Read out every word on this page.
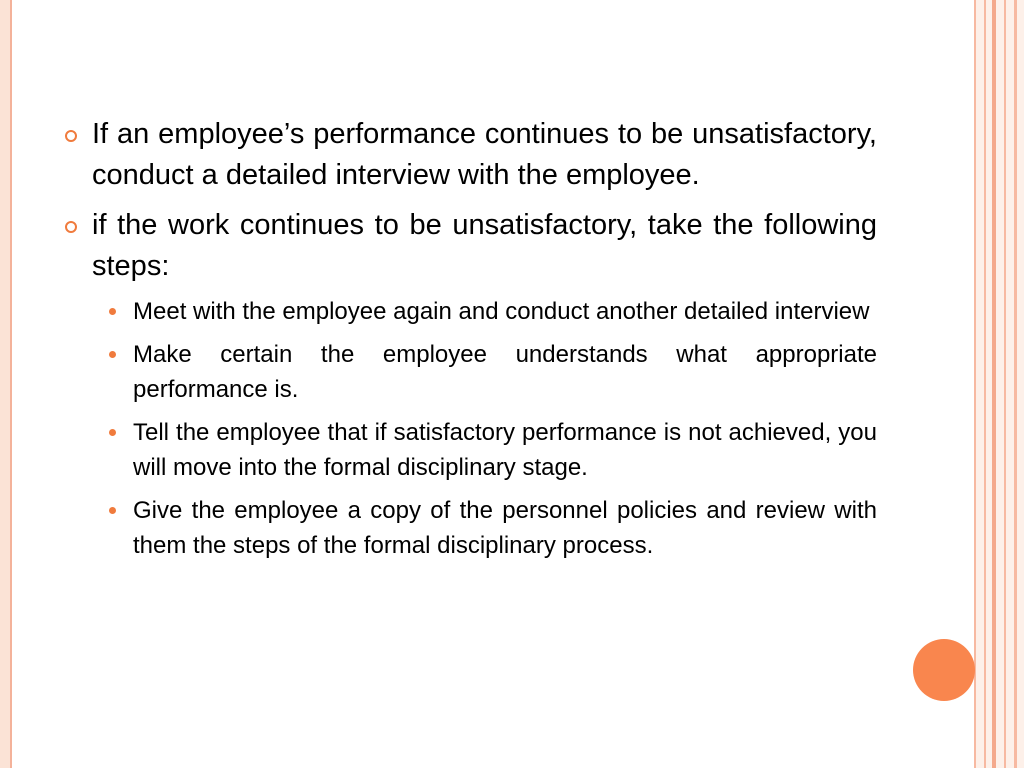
If an employee’s performance continues to be unsatisfactory, conduct a detailed interview with the employee.
if the work continues to be unsatisfactory, take the following steps:
Meet with the employee again and conduct another detailed interview
Make certain the employee understands what appropriate performance is.
Tell the employee that if satisfactory performance is not achieved, you will move into the formal disciplinary stage.
Give the employee a copy of the personnel policies and review with them the steps of the formal disciplinary process.
